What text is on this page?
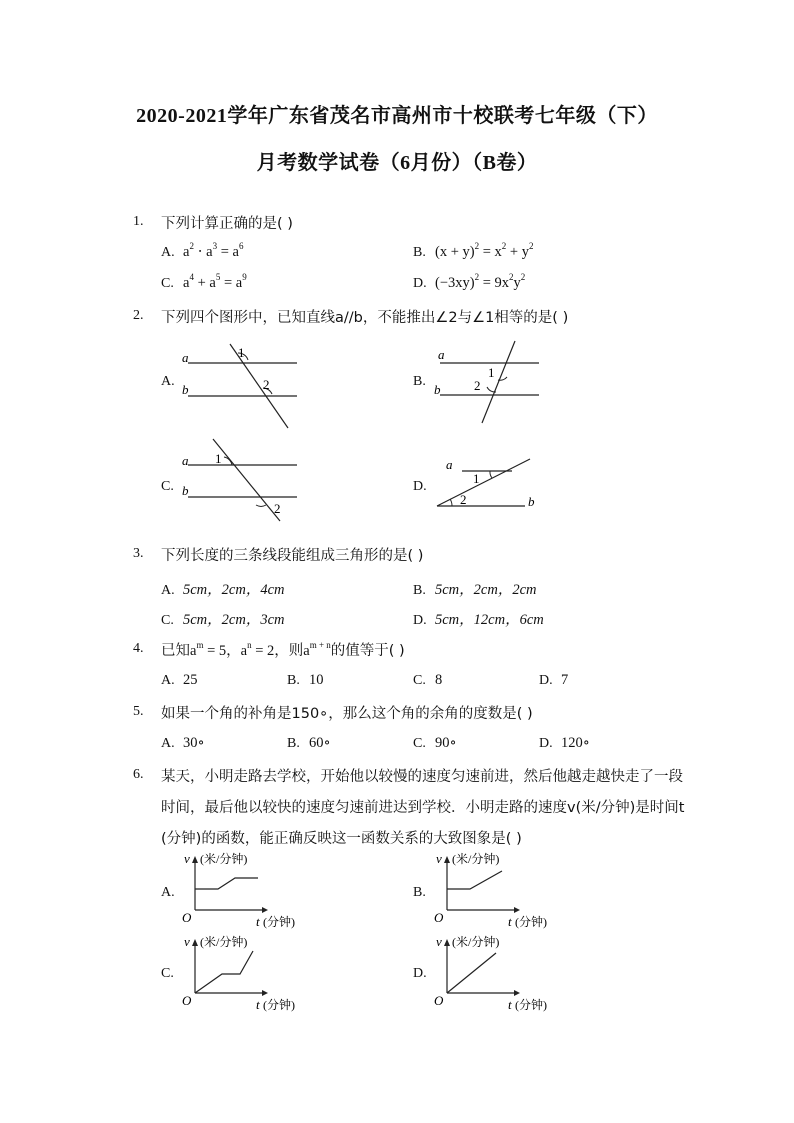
2020-2021学年广东省茂名市高州市十校联考七年级（下）
月考数学试卷（6月份）（B卷）
1. 下列计算正确的是( )
A. $a^2 \cdot a^3 = a^6$	B. $(x + y)^2 = x^2 + y^2$
C. $a^4 + a^5 = a^9$	D. $(-3xy)^2 = 9x^2y^2$
2. 下列四个图形中，已知直线a//b，不能推出∠2与∠1相等的是( )
A.
a
b
1
2	B.
a
b
1
2
C.
a
b
1
2
D.
a
b
1
2
3. 下列长度的三条线段能组成三角形的是( )
A. 5cm，2cm，4cm	B. 5cm，2cm，2cm
C. 5cm，2cm，3cm	D. 5cm，12cm，6cm
4. 已知$a^m = 5$，$a^n = 2$，则$a^{m + n}$的值等于( )
A. 25	B. 10	C. 8	D. 7
5. 如果一个角的补角是150∘，那么这个角的余角的度数是( )
A. 30∘	B. 60∘	C. 90∘	D. 120∘
6. 某天，小明走路去学校，开始他以较慢的速度匀速前进，然后他越走越快走了一段
时间，最后他以较快的速度匀速前进达到学校．小明走路的速度v(米/分钟)是时间t
(分钟)的函数，能正确反映这一函数关系的大致图象是( )
A.
v (米/分钟)
O	t (分钟)
B.
v (米/分钟)
O	t (分钟)
C.
v (米/分钟)
O	t (分钟)
D.
v (米/分钟)
O	t (分钟)
